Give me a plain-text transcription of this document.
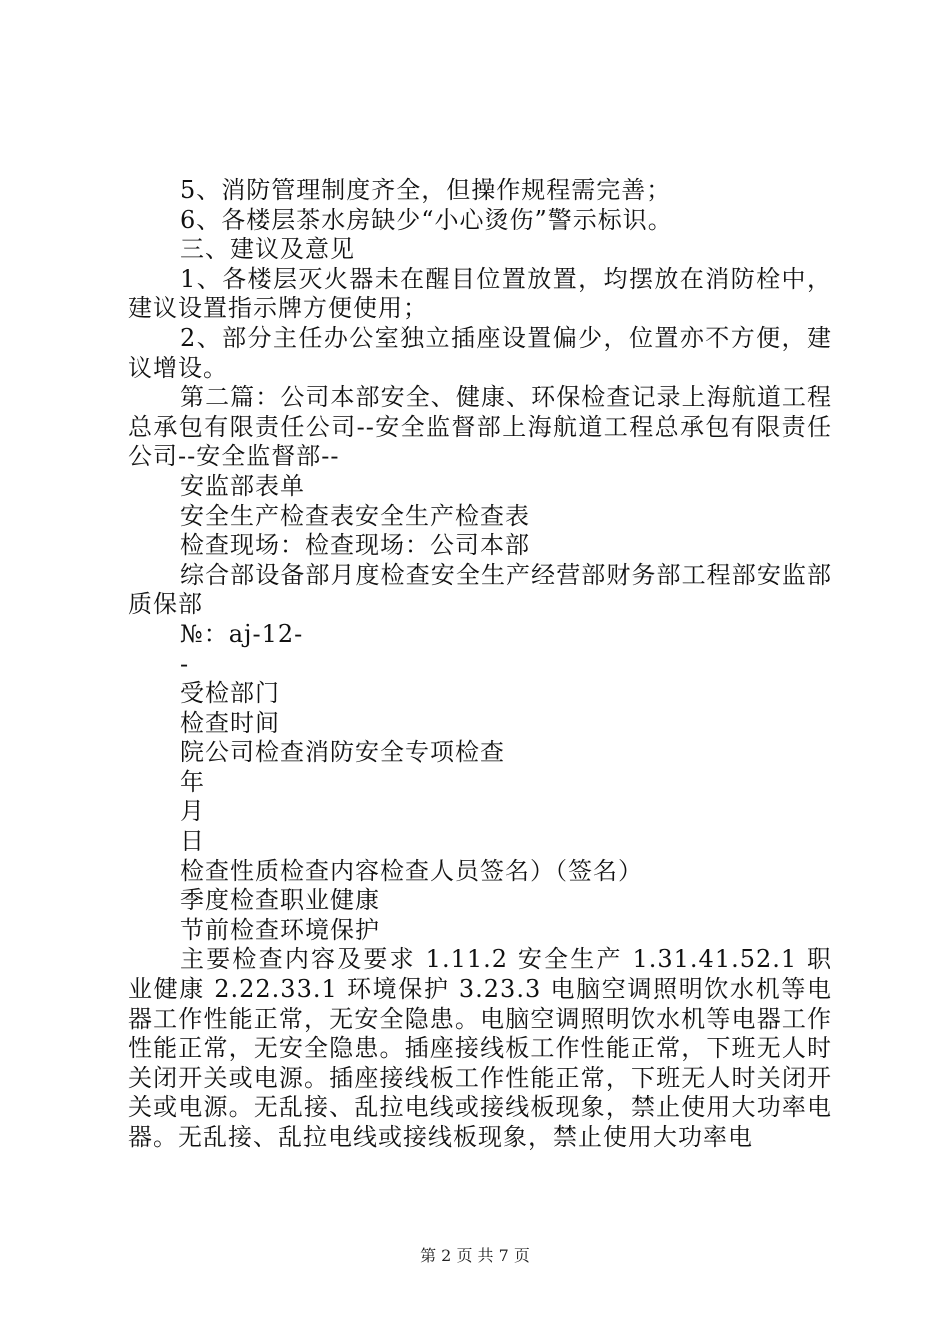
5、消防管理制度齐全，但操作规程需完善；

6、各楼层茶水房缺少“小心烫伤”警示标识。

三、建议及意见

1、各楼层灭火器未在醒目位置放置，均摆放在消防栓中，建议设置指示牌方便使用；

2、部分主任办公室独立插座设置偏少，位置亦不方便，建议增设。

第二篇：公司本部安全、健康、环保检查记录上海航道工程总承包有限责任公司--安全监督部上海航道工程总承包有限责任公司--安全监督部--

安监部表单

安全生产检查表安全生产检查表

检查现场：检查现场：公司本部

综合部设备部月度检查安全生产经营部财务部工程部安监部质保部

№：aj-12-

-

受检部门

检查时间

院公司检查消防安全专项检查

年

月

日

检查性质检查内容检查人员签名）（签名）

季度检查职业健康

节前检查环境保护

主要检查内容及要求 1.11.2 安全生产 1.31.41.52.1 职业健康 2.22.33.1 环境保护 3.23.3 电脑空调照明饮水机等电器工作性能正常，无安全隐患。电脑空调照明饮水机等电器工作性能正常，无安全隐患。插座接线板工作性能正常，下班无人时关闭开关或电源。插座接线板工作性能正常，下班无人时关闭开关或电源。无乱接、乱拉电线或接线板现象，禁止使用大功率电器。无乱接、乱拉电线或接线板现象，禁止使用大功率电

第 2 页 共 7 页
